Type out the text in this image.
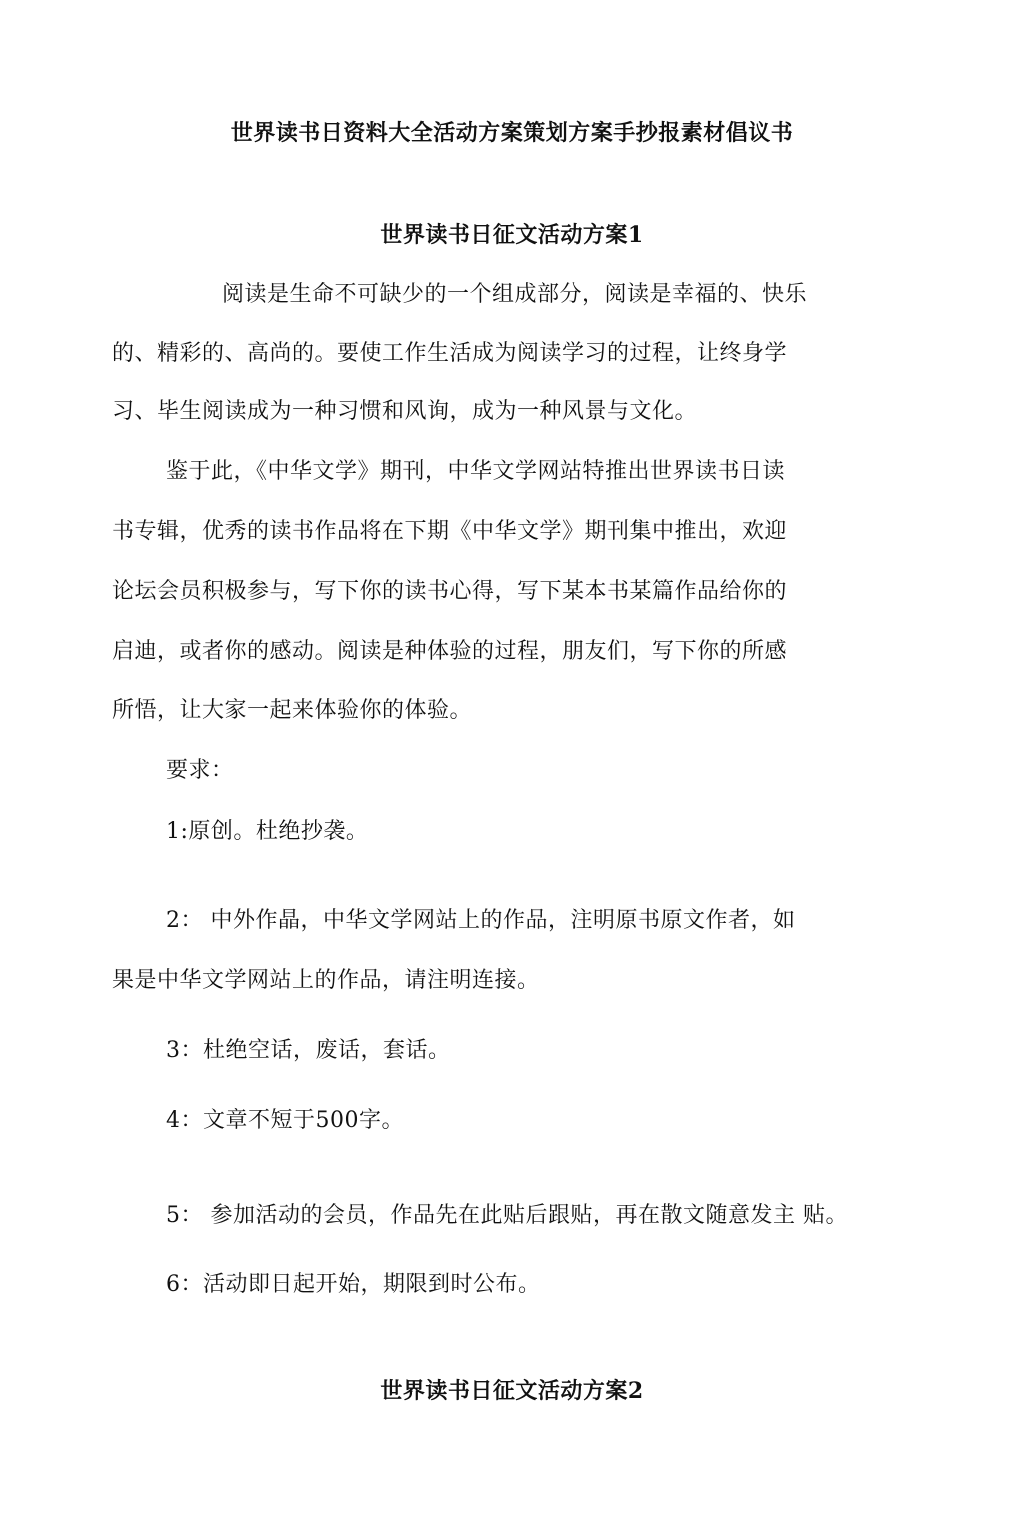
世界读书日资料大全活动方案策划方案手抄报素材倡议书
世界读书日征文活动方案1

阅读是生命不可缺少的一个组成部分，阅读是幸福的、快乐

的、精彩的、高尚的。要使工作生活成为阅读学习的过程，让终身学

习、毕生阅读成为一种习惯和风询，成为一种风景与文化。

鉴于此，《中华文学》期刊，中华文学网站特推出世界读书日读

书专辑，优秀的读书作品将在下期《中华文学》期刊集中推出，欢迎

论坛会员积极参与，写下你的读书心得，写下某本书某篇作品给你的

启迪，或者你的感动。阅读是种体验的过程，朋友们，写下你的所感

所悟，让大家一起来体验你的体验。

要求：

1:原创。杜绝抄袭。

2： 中外作晶，中华文学网站上的作品，注明原书原文作者，如

果是中华文学网站上的作品，请注明连接。

3：杜绝空话，废话，套话。

4：文章不短于500字。

5： 参加活动的会员，作品先在此贴后跟贴，再在散文随意发主 贴。

6：活动即日起开始，期限到时公布。

世界读书日征文活动方案2
